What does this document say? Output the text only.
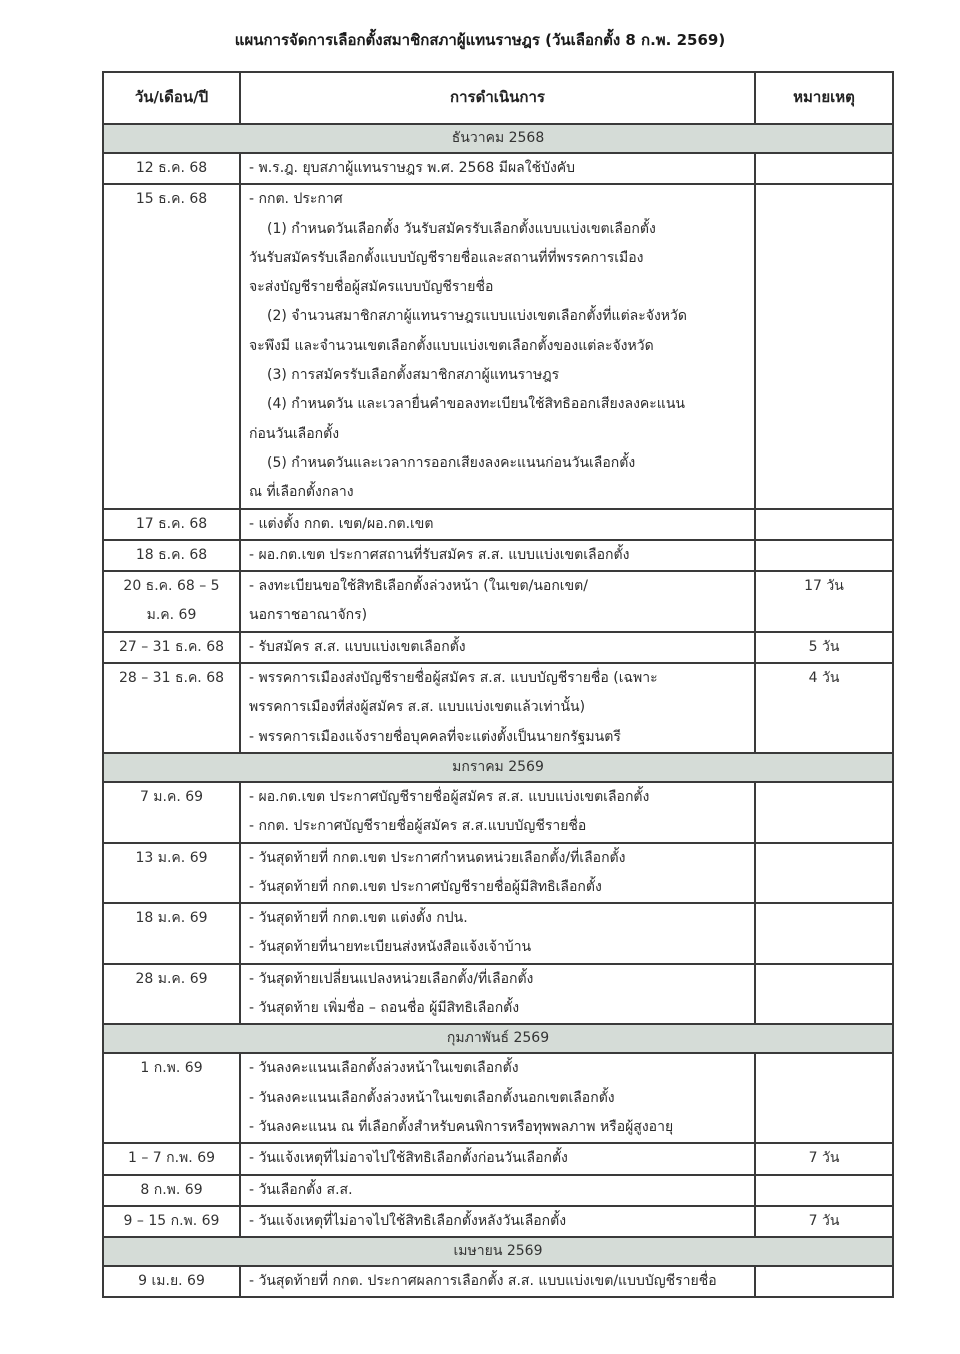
แผนการจัดการเลือกตั้งสมาชิกสภาผู้แทนราษฎร (วันเลือกตั้ง 8 ก.พ. 2569)
วัน/เดือน/ปี	การดำเนินการ	หมายเหตุ
ธันวาคม 2568		
12 ธ.ค. 68	- พ.ร.ฎ. ยุบสภาผู้แทนราษฎร พ.ศ. 2568 มีผลใช้บังคับ	

15 ธ.ค. 68	- กกต. ประกาศ
(1) กำหนดวันเลือกตั้ง วันรับสมัครรับเลือกตั้งแบบแบ่งเขตเลือกตั้ง
วันรับสมัครรับเลือกตั้งแบบบัญชีรายชื่อและสถานที่ที่พรรคการเมือง
จะส่งบัญชีรายชื่อผู้สมัครแบบบัญชีรายชื่อ
(2) จำนวนสมาชิกสภาผู้แทนราษฎรแบบแบ่งเขตเลือกตั้งที่แต่ละจังหวัด
จะพึงมี และจำนวนเขตเลือกตั้งแบบแบ่งเขตเลือกตั้งของแต่ละจังหวัด
(3) การสมัครรับเลือกตั้งสมาชิกสภาผู้แทนราษฎร
(4) กำหนดวัน และเวลายื่นคำขอลงทะเบียนใช้สิทธิออกเสียงลงคะแนน
ก่อนวันเลือกตั้ง
(5) กำหนดวันและเวลาการออกเสียงลงคะแนนก่อนวันเลือกตั้ง
ณ ที่เลือกตั้งกลาง

17 ธ.ค. 68	- แต่งตั้ง กกต. เขต/ผอ.กต.เขต	

18 ธ.ค. 68	- ผอ.กต.เขต ประกาศสถานที่รับสมัคร ส.ส. แบบแบ่งเขตเลือกตั้ง	

20 ธ.ค. 68 – 5
ม.ค. 69	- ลงทะเบียนขอใช้สิทธิเลือกตั้งล่วงหน้า (ในเขต/นอกเขต/
นอกราชอาณาจักร)	17 วัน
27 – 31 ธ.ค. 68	- รับสมัคร ส.ส. แบบแบ่งเขตเลือกตั้ง	5 วัน
28 – 31 ธ.ค. 68	- พรรคการเมืองส่งบัญชีรายชื่อผู้สมัคร ส.ส. แบบบัญชีรายชื่อ (เฉพาะ
พรรคการเมืองที่ส่งผู้สมัคร ส.ส. แบบแบ่งเขตแล้วเท่านั้น)
- พรรคการเมืองแจ้งรายชื่อบุคคลที่จะแต่งตั้งเป็นนายกรัฐมนตรี	4 วัน
มกราคม 2569		
7 ม.ค. 69	- ผอ.กต.เขต ประกาศบัญชีรายชื่อผู้สมัคร ส.ส. แบบแบ่งเขตเลือกตั้ง
- กกต. ประกาศบัญชีรายชื่อผู้สมัคร ส.ส.แบบบัญชีรายชื่อ	

13 ม.ค. 69	- วันสุดท้ายที่ กกต.เขต ประกาศกำหนดหน่วยเลือกตั้ง/ที่เลือกตั้ง
- วันสุดท้ายที่ กกต.เขต ประกาศบัญชีรายชื่อผู้มีสิทธิเลือกตั้ง	

18 ม.ค. 69	- วันสุดท้ายที่ กกต.เขต แต่งตั้ง กปน.
- วันสุดท้ายที่นายทะเบียนส่งหนังสือแจ้งเจ้าบ้าน	

28 ม.ค. 69	- วันสุดท้ายเปลี่ยนแปลงหน่วยเลือกตั้ง/ที่เลือกตั้ง
- วันสุดท้าย เพิ่มชื่อ – ถอนชื่อ ผู้มีสิทธิเลือกตั้ง	

กุมภาพันธ์ 2569		
1 ก.พ. 69	- วันลงคะแนนเลือกตั้งล่วงหน้าในเขตเลือกตั้ง
- วันลงคะแนนเลือกตั้งล่วงหน้าในเขตเลือกตั้งนอกเขตเลือกตั้ง
- วันลงคะแนน ณ ที่เลือกตั้งสำหรับคนพิการหรือทุพพลภาพ หรือผู้สูงอายุ	

1 – 7 ก.พ. 69	- วันแจ้งเหตุที่ไม่อาจไปใช้สิทธิเลือกตั้งก่อนวันเลือกตั้ง	7 วัน
8 ก.พ. 69	- วันเลือกตั้ง ส.ส.	

9 – 15 ก.พ. 69	- วันแจ้งเหตุที่ไม่อาจไปใช้สิทธิเลือกตั้งหลังวันเลือกตั้ง	7 วัน
เมษายน 2569		
9 เม.ย. 69	- วันสุดท้ายที่ กกต. ประกาศผลการเลือกตั้ง ส.ส. แบบแบ่งเขต/แบบบัญชีรายชื่อ	
